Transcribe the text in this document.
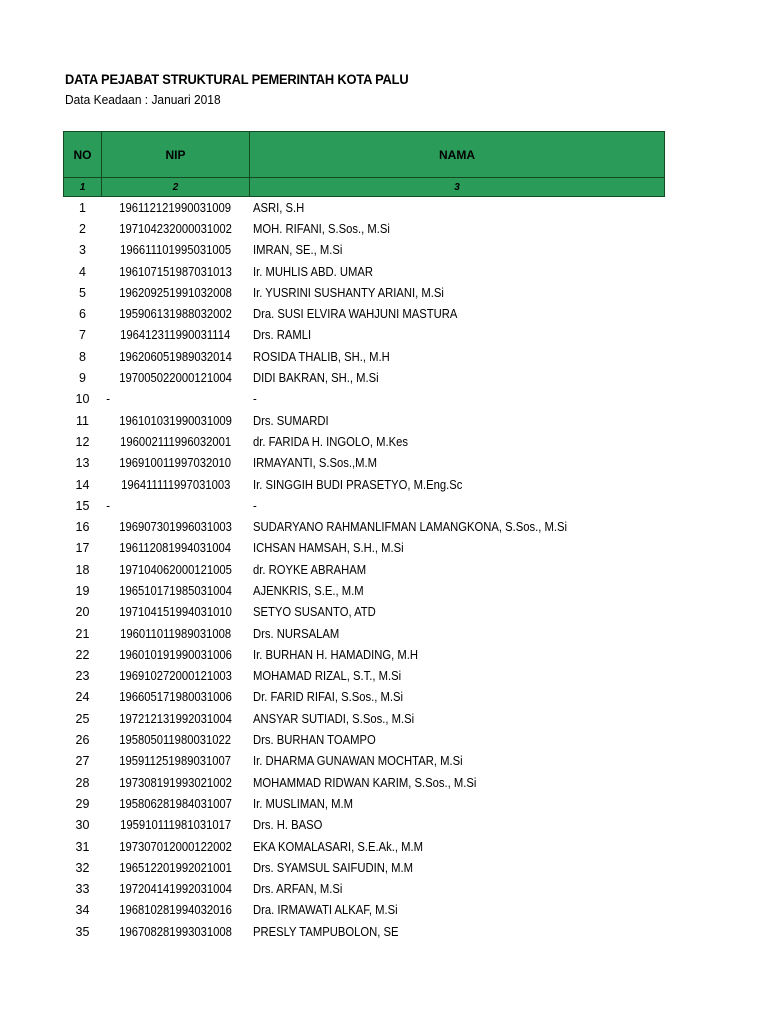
DATA PEJABAT STRUKTURAL PEMERINTAH KOTA PALU
Data Keadaan : Januari 2018
NO	NIP	NAMA
1	2	3
1	196112121990031009	ASRI, S.H
2	197104232000031002	MOH. RIFANI, S.Sos., M.Si
3	196611101995031005	IMRAN, SE., M.Si
4	196107151987031013	Ir. MUHLIS ABD. UMAR
5	196209251991032008	Ir. YUSRINI SUSHANTY ARIANI, M.Si
6	195906131988032002	Dra. SUSI ELVIRA WAHJUNI MASTURA
7	196412311990031114	Drs. RAMLI
8	196206051989032014	ROSIDA THALIB, SH., M.H
9	197005022000121004	DIDI BAKRAN, SH., M.Si
10	-	-
11	196101031990031009	Drs. SUMARDI
12	196002111996032001	dr. FARIDA H. INGOLO, M.Kes
13	196910011997032010	IRMAYANTI, S.Sos.,M.M
14	196411111997031003	Ir. SINGGIH BUDI PRASETYO, M.Eng.Sc
15	-	-
16	196907301996031003	SUDARYANO RAHMANLIFMAN LAMANGKONA, S.Sos., M.Si
17	196112081994031004	ICHSAN HAMSAH, S.H., M.Si
18	197104062000121005	dr. ROYKE ABRAHAM
19	196510171985031004	AJENKRIS, S.E., M.M
20	197104151994031010	SETYO SUSANTO, ATD
21	196011011989031008	Drs. NURSALAM
22	196010191990031006	Ir. BURHAN H. HAMADING, M.H
23	196910272000121003	MOHAMAD RIZAL, S.T., M.Si
24	196605171980031006	Dr. FARID RIFAI, S.Sos., M.Si
25	197212131992031004	ANSYAR SUTIADI, S.Sos., M.Si
26	195805011980031022	Drs. BURHAN TOAMPO
27	195911251989031007	Ir. DHARMA GUNAWAN MOCHTAR, M.Si
28	197308191993021002	MOHAMMAD RIDWAN KARIM, S.Sos., M.Si
29	195806281984031007	Ir. MUSLIMAN, M.M
30	195910111981031017	Drs. H. BASO
31	197307012000122002	EKA KOMALASARI, S.E.Ak., M.M
32	196512201992021001	Drs. SYAMSUL SAIFUDIN, M.M
33	197204141992031004	Drs. ARFAN, M.Si
34	196810281994032016	Dra. IRMAWATI ALKAF, M.Si
35	196708281993031008	PRESLY TAMPUBOLON, SE
